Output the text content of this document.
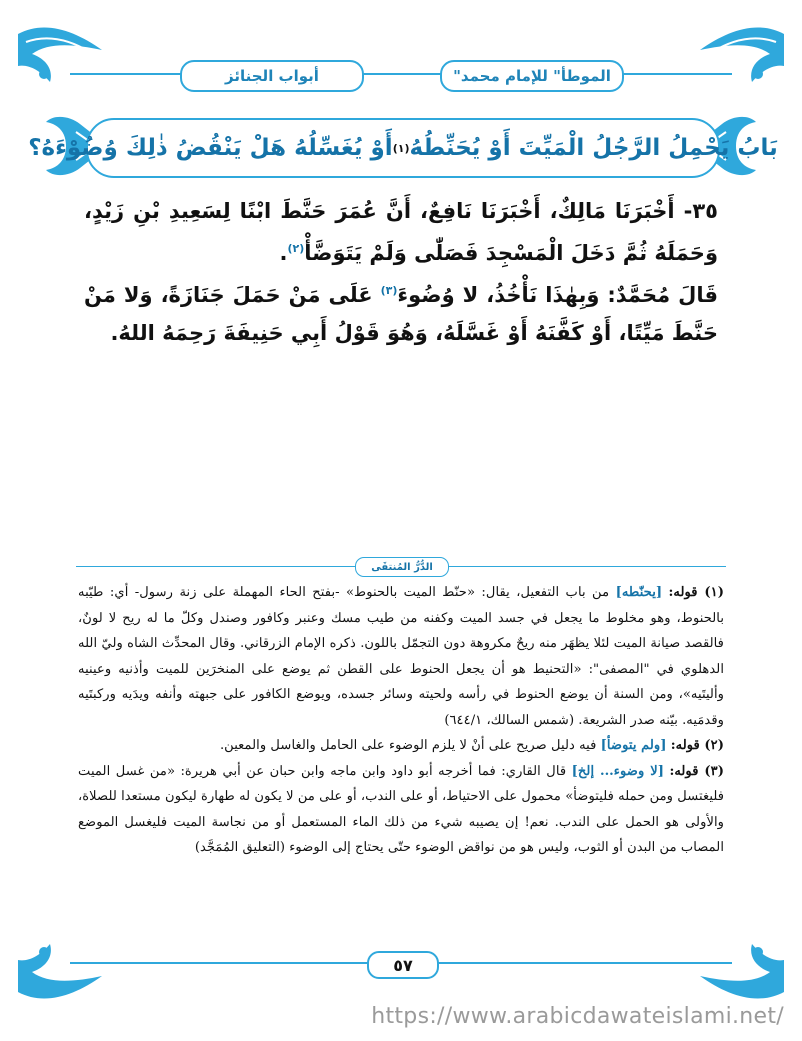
أبواب الجنائز	"الموطأ" للإمام محمد
بَابُ يَحْمِلُ الرَّجُلُ الْمَيِّتَ أَوْ يُحَنِّطُهُ
(١)
أَوْ يُغَسِّلُهُ هَلْ يَنْقُضُ ذٰلِكَ وُضُوْءَهُ؟

٣٥- أَخْبَرَنَا مَالِكٌ، أَخْبَرَنَا نَافِعٌ، أَنَّ عُمَرَ حَنَّطَ ابْنًا لِسَعِيدِ بْنِ زَيْدٍ، وَحَمَلَهُ ثُمَّ دَخَلَ الْمَسْجِدَ فَصَلّٰى وَلَمْ يَتَوَضَّأْ$^{(٢)}$.

قَالَ مُحَمَّدٌ: وَبِهٰذَا نَأْخُذُ، لا وُضُوءَ$^{(٣)}$ عَلَى مَنْ حَمَلَ جَنَازَةً، وَلا مَنْ حَنَّطَ مَيِّتًا، أَوْ كَفَّنَهُ أَوْ غَسَّلَهُ، وَهُوَ قَوْلُ أَبِي حَنِيفَةَ رَحِمَهُ اللهُ.

الدُّرُّ المُنتقَى

(١) قوله: [يحنّطه] من باب التفعيل، يقال: «حنّط الميت بالحنوط» -بفتح الحاء المهملة على زنة رسول- أي: طيّبه بالحنوط، وهو مخلوط ما يجعل في جسد الميت وكفنه من طيب مسك وعنبر وكافور وصندل وكلّ ما له ريح لا لونٌ، فالقصد صيانة الميت لئلا يظهَر منه ريحٌ مكروهة دون التجمّل باللون. ذكره الإمام الزرقاني. وقال المحدِّث الشاه وليّ الله الدهلوي في "المصفى": «التحنيط هو أن يجعل الحنوط على القطن ثم يوضع على المنخرَين للميت وأذنيه وعينيه وأليتَيه»، ومن السنة أن يوضع الحنوط في رأسه ولحيته وسائر جسده، ويوضع الكافور على جبهته وأنفه ويدَيه وركبتَيه وقدمَيه. بيّنه صدر الشريعة. (شمس السالك، ٦٤٤/١)

(٢) قوله: [ولم يتوضأ] فيه دليل صريح على أنْ لا يلزم الوضوء على الحامل والغاسل والمعين.

(٣) قوله: [لا وضوء... إلخ] قال القاري: فما أخرجه أبو داود وابن ماجه وابن حبان عن أبي هريرة: «من غسل الميت فليغتسل ومن حمله فليتوضأ» محمول على الاحتياط، أو على الندب، أو على من لا يكون له طهارة ليكون مستعدا للصلاة، والأولى هو الحمل على الندب. نعم! إن يصيبه شيء من ذلك الماء المستعمل أو من نجاسة الميت فليغسل الموضع المصاب من البدن أو الثوب، وليس هو من نواقض الوضوء حتّى يحتاج إلى الوضوء (التعليق المُمَجَّد)

٥٧
https://www.arabicdawateislami.net/
